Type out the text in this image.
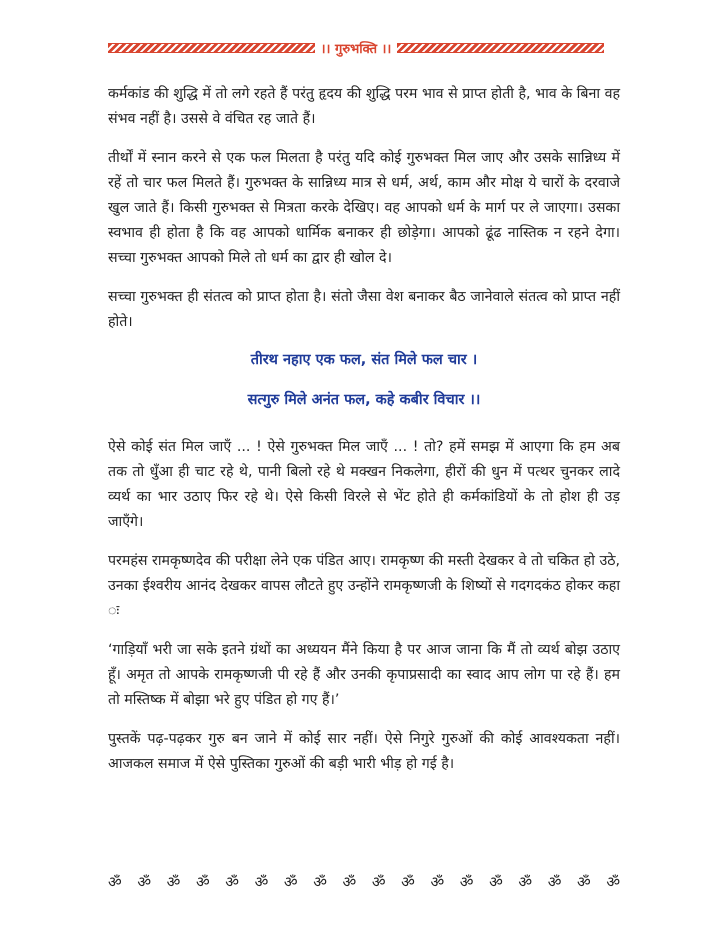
।। गुरुभक्ति ।।

कर्मकांड की शुद्धि में तो लगे रहते हैं परंतु हृदय की शुद्धि परम भाव से प्राप्त होती है, भाव के बिना वह संभव नहीं है। उससे वे वंचित रह जाते हैं।

तीर्थों में स्नान करने से एक फल मिलता है परंतु यदि कोई गुरुभक्त मिल जाए और उसके सान्निध्य में रहें तो चार फल मिलते हैं। गुरुभक्त के सान्निध्य मात्र से धर्म, अर्थ, काम और मोक्ष ये चारों के दरवाजे खुल जाते हैं। किसी गुरुभक्त से मित्रता करके देखिए। वह आपको धर्म के मार्ग पर ले जाएगा। उसका स्वभाव ही होता है कि वह आपको धार्मिक बनाकर ही छोड़ेगा। आपको ढूंढ नास्तिक न रहने देगा। सच्चा गुरुभक्त आपको मिले तो धर्म का द्वार ही खोल दे।

सच्चा गुरुभक्त ही संतत्व को प्राप्त होता है। संतो जैसा वेश बनाकर बैठ जानेवाले संतत्व को प्राप्त नहीं होते।

तीरथ नहाए एक फल, संत मिले फल चार ।
सत्गुरु मिले अनंत फल, कहे कबीर विचार ।।

ऐसे कोई संत मिल जाएँ ... ! ऐसे गुरुभक्त मिल जाएँ ... ! तो? हमें समझ में आएगा कि हम अब तक तो धुँआ ही चाट रहे थे, पानी बिलो रहे थे मक्खन निकलेगा, हीरों की धुन में पत्थर चुनकर लादे व्यर्थ का भार उठाए फिर रहे थे। ऐसे किसी विरले से भेंट होते ही कर्मकांडियों के तो होश ही उड़ जाएँगे।

परमहंस रामकृष्णदेव की परीक्षा लेने एक पंडित आए। रामकृष्ण की मस्ती देखकर वे तो चकित हो उठे, उनका ईश्वरीय आनंद देखकर वापस लौटते हुए उन्होंने रामकृष्णजी के शिष्यों से गदगदकंठ होकर कहा ः

‘गाड़ियाँ भरी जा सके इतने ग्रंथों का अध्ययन मैंने किया है पर आज जाना कि मैं तो व्यर्थ बोझ उठाए हूँ। अमृत तो आपके रामकृष्णजी पी रहे हैं और उनकी कृपाप्रसादी का स्वाद आप लोग पा रहे हैं। हम तो मस्तिष्क में बोझा भरे हुए पंडित हो गए हैं।’

पुस्तकें पढ़-पढ़कर गुरु बन जाने में कोई सार नहीं। ऐसे निगुरे गुरुओं की कोई आवश्यकता नहीं। आजकल समाज में ऐसे पुस्तिका गुरुओं की बड़ी भारी भीड़ हो गई है।

ॐ ॐ ॐ ॐ ॐ ॐ ॐ ॐ ॐ ॐ ॐ ॐ ॐ ॐ ॐ ॐ ॐ ॐ
